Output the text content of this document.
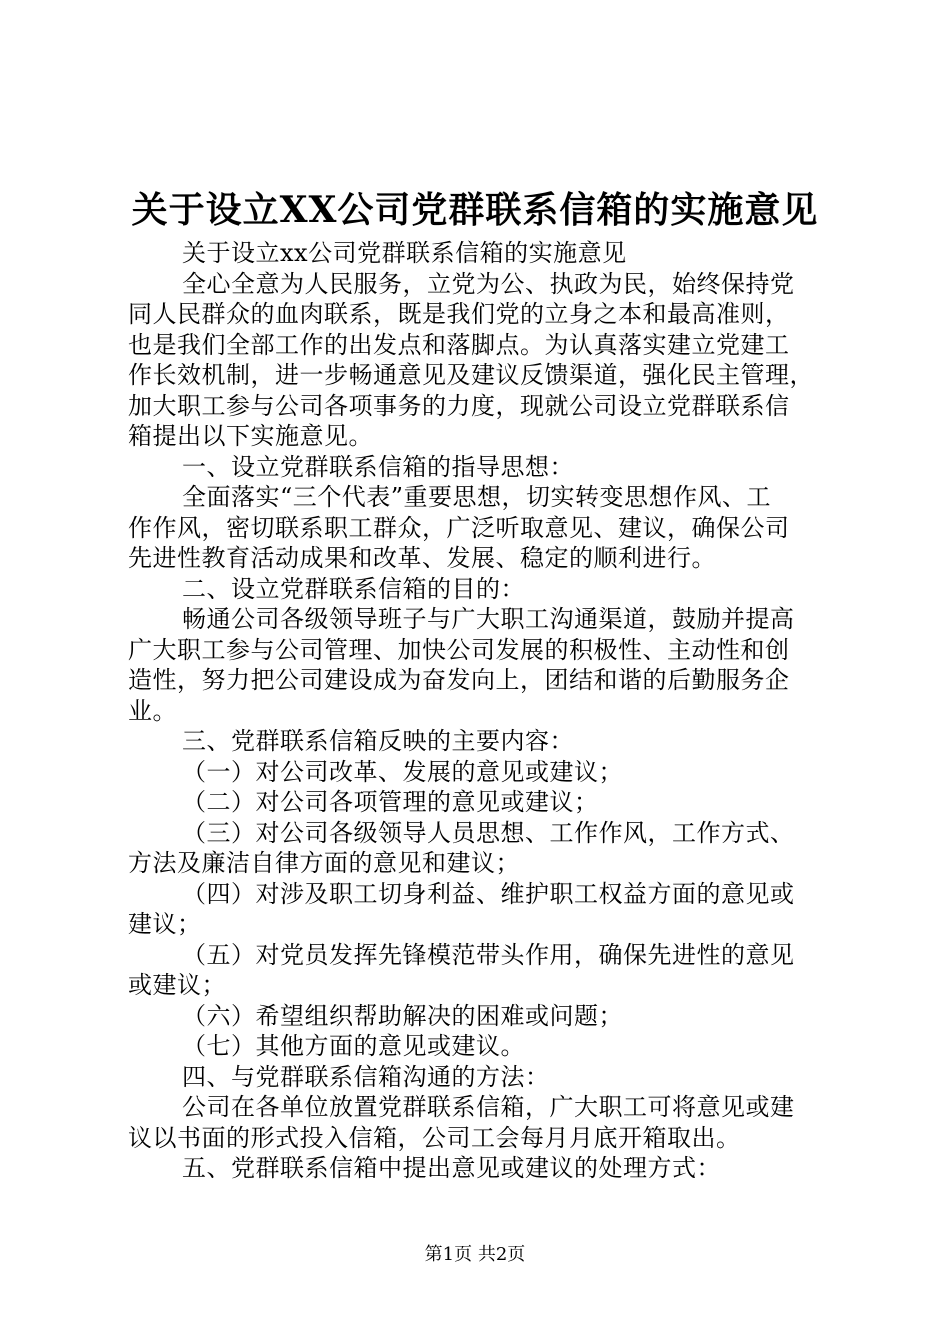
关于设立XX公司党群联系信箱的实施意见
关于设立xx公司党群联系信箱的实施意见
全心全意为人民服务，立党为公、执政为民，始终保持党
同人民群众的血肉联系，既是我们党的立身之本和最高准则，
也是我们全部工作的出发点和落脚点。为认真落实建立党建工
作长效机制，进一步畅通意见及建议反馈渠道，强化民主管理，
加大职工参与公司各项事务的力度，现就公司设立党群联系信
箱提出以下实施意见。
一、设立党群联系信箱的指导思想：
全面落实“三个代表”重要思想，切实转变思想作风、工
作作风，密切联系职工群众，广泛听取意见、建议，确保公司
先进性教育活动成果和改革、发展、稳定的顺利进行。
二、设立党群联系信箱的目的：
畅通公司各级领导班子与广大职工沟通渠道，鼓励并提高
广大职工参与公司管理、加快公司发展的积极性、主动性和创
造性，努力把公司建设成为奋发向上，团结和谐的后勤服务企
业。
三、党群联系信箱反映的主要内容：
（一）对公司改革、发展的意见或建议；
（二）对公司各项管理的意见或建议；
（三）对公司各级领导人员思想、工作作风，工作方式、
方法及廉洁自律方面的意见和建议；
（四）对涉及职工切身利益、维护职工权益方面的意见或
建议；
（五）对党员发挥先锋模范带头作用，确保先进性的意见
或建议；
（六）希望组织帮助解决的困难或问题；
（七）其他方面的意见或建议。
四、与党群联系信箱沟通的方法：
公司在各单位放置党群联系信箱，广大职工可将意见或建
议以书面的形式投入信箱，公司工会每月月底开箱取出。
五、党群联系信箱中提出意见或建议的处理方式：
第1页 共2页
